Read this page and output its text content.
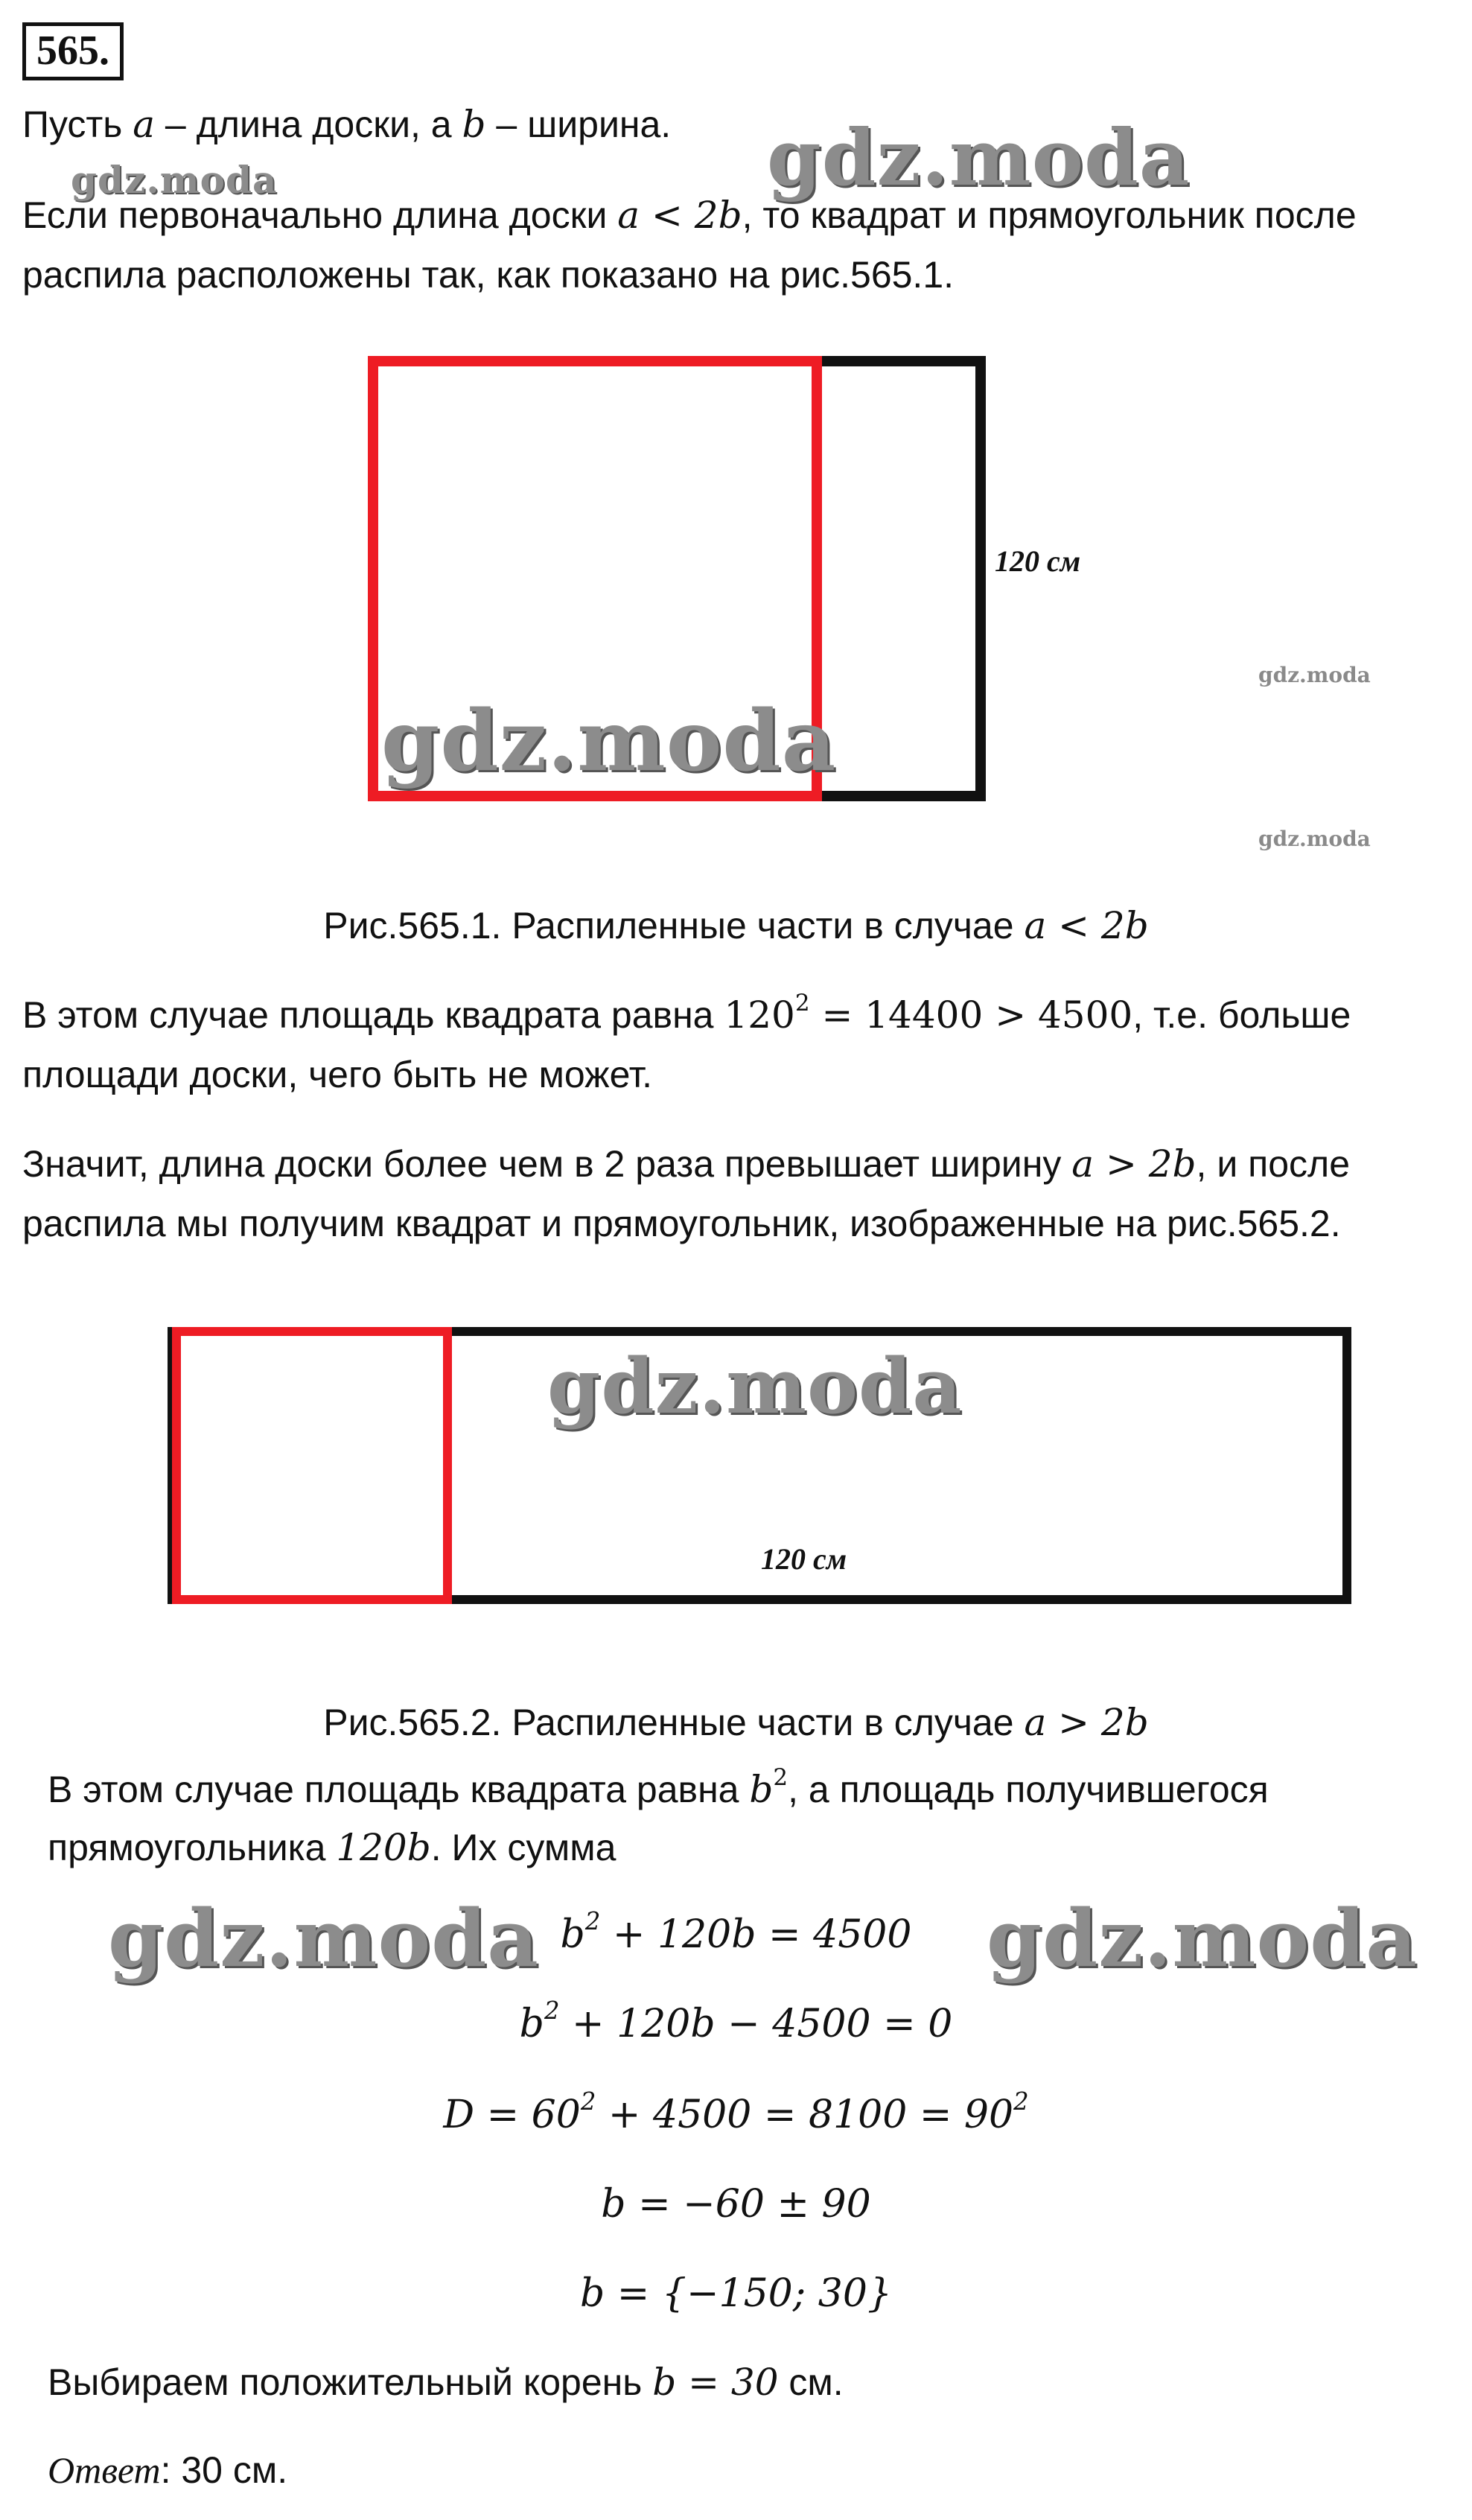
565.
Пусть a – длина доски, а b – ширина. gdz.moda
gdz.moda
Если первоначально длина доски a < 2b, то квадрат и прямоугольник после
распила расположены так, как показано на рис.565.1.
120 см
gdz.moda
gdz.moda
gdz.moda
Рис.565.1. Распиленные части в случае a < 2b
В этом случае площадь квадрата равна $120^2 = 14400 > 4500$, т.е. больше
площади доски, чего быть не может.
Значит, длина доски более чем в 2 раза превышает ширину a > 2b, и после
распила мы получим квадрат и прямоугольник, изображенные на рис.565.2.
gdz.moda
120 см
Рис.565.2. Распиленные части в случае a > 2b
В этом случае площадь квадрата равна $b^2$, а площадь получившегося
прямоугольника 120b. Их сумма
gdz.moda	gdz.moda
$b^2 + 120b = 4500$
$b^2 + 120b - 4500 = 0$
$D = 60^2 + 4500 = 8100 = 90^2$
b = −60 ± 90
b = {−150; 30}
Выбираем положительный корень b = 30 см.
Ответ: 30 см.
